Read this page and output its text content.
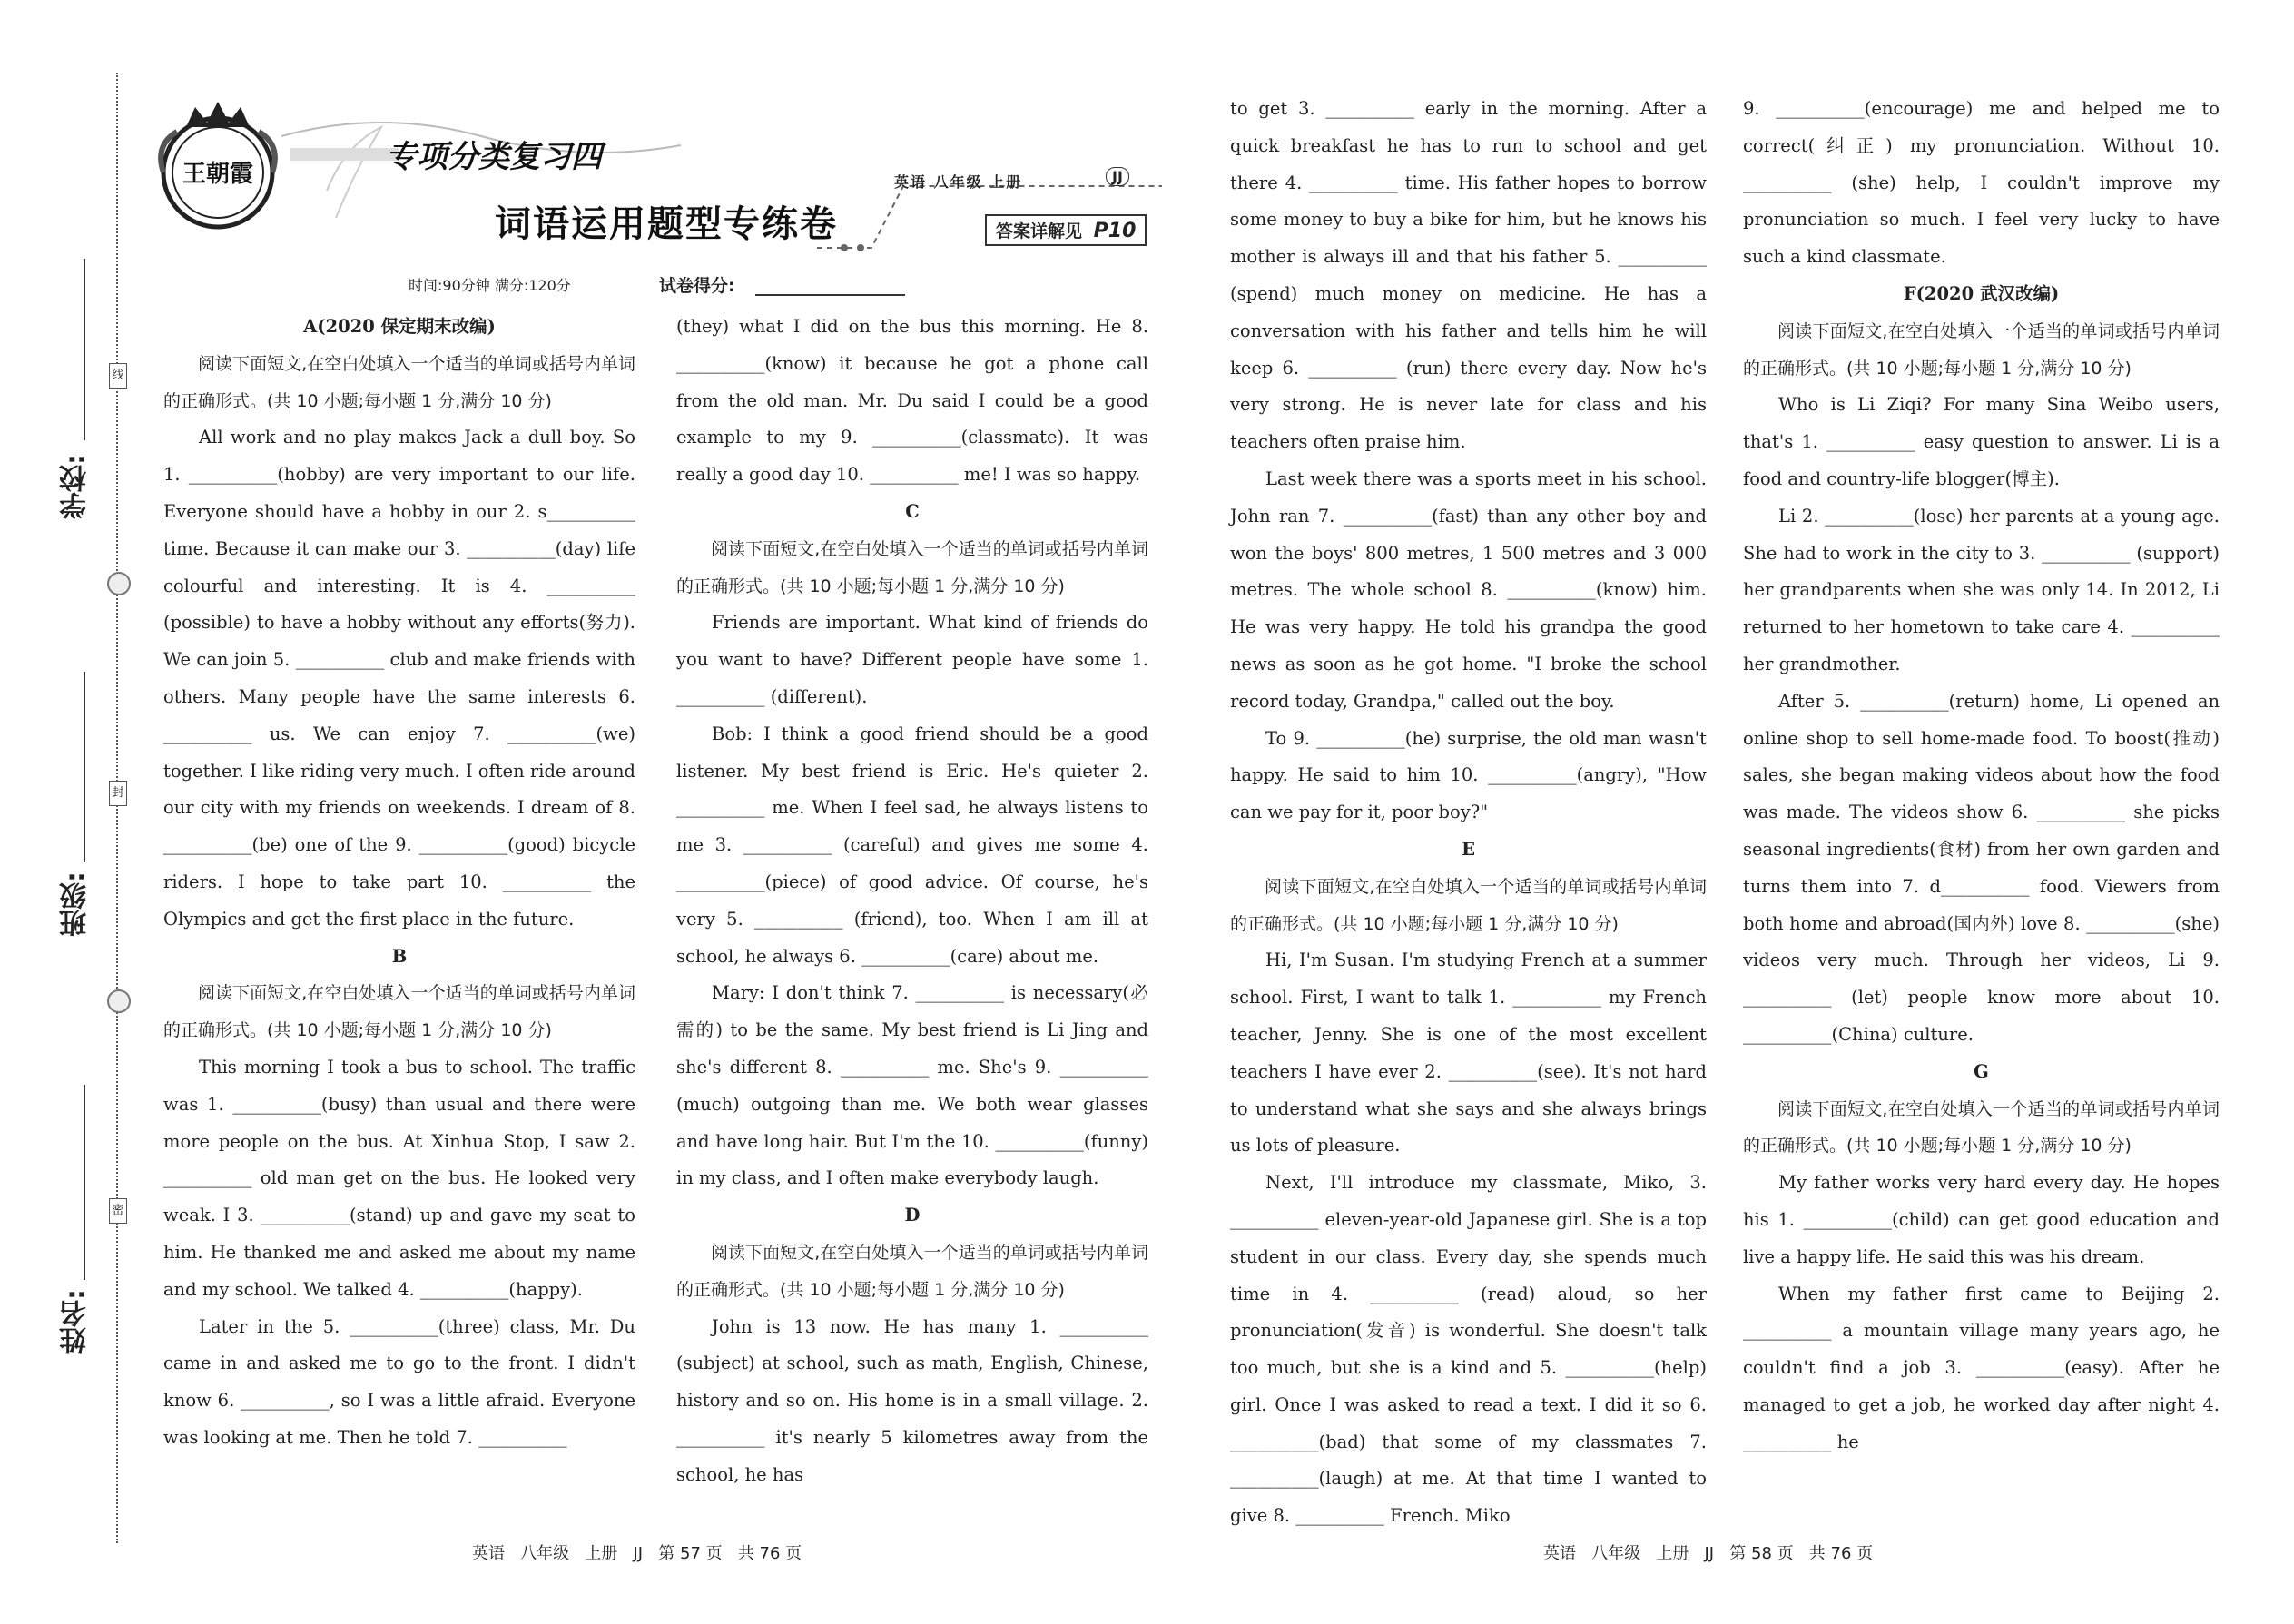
学校:
班级:
姓名:
线
封
密
王朝霞	专项分类复习四
词语运用题型专练卷
英语 八年级 上册	JJ
答案详解见 P10
时间:90分钟 满分:120分	试卷得分:

A(2020 保定期末改编)

阅读下面短文,在空白处填入一个适当的单词或括号内单词的正确形式。(共 10 小题;每小题 1 分,满分 10 分)

All work and no play makes Jack a dull boy. So 1. __________(hobby) are very important to our life. Everyone should have a hobby in our 2. s__________ time. Because it can make our 3. __________(day) life colourful and interesting. It is 4. __________ (possible) to have a hobby without any efforts(努力). We can join 5. __________ club and make friends with others. Many people have the same interests 6. __________ us. We can enjoy 7. __________(we) together. I like riding very much. I often ride around our city with my friends on weekends. I dream of 8. __________(be) one of the 9. __________(good) bicycle riders. I hope to take part 10. __________ the Olympics and get the first place in the future.

B

阅读下面短文,在空白处填入一个适当的单词或括号内单词的正确形式。(共 10 小题;每小题 1 分,满分 10 分)

This morning I took a bus to school. The traffic was 1. __________(busy) than usual and there were more people on the bus. At Xinhua Stop, I saw 2. __________ old man get on the bus. He looked very weak. I 3. __________(stand) up and gave my seat to him. He thanked me and asked me about my name and my school. We talked 4. __________(happy).

Later in the 5. __________(three) class, Mr. Du came in and asked me to go to the front. I didn't know 6. __________, so I was a little afraid. Everyone was looking at me. Then he told 7. __________

(they) what I did on the bus this morning. He 8. __________(know) it because he got a phone call from the old man. Mr. Du said I could be a good example to my 9. __________(classmate). It was really a good day 10. __________ me! I was so happy.

C

阅读下面短文,在空白处填入一个适当的单词或括号内单词的正确形式。(共 10 小题;每小题 1 分,满分 10 分)

Friends are important. What kind of friends do you want to have? Different people have some 1. __________ (different).

Bob: I think a good friend should be a good listener. My best friend is Eric. He's quieter 2. __________ me. When I feel sad, he always listens to me 3. __________ (careful) and gives me some 4. __________(piece) of good advice. Of course, he's very 5. __________ (friend), too. When I am ill at school, he always 6. __________(care) about me.

Mary: I don't think 7. __________ is necessary(必需的) to be the same. My best friend is Li Jing and she's different 8. __________ me. She's 9. __________ (much) outgoing than me. We both wear glasses and have long hair. But I'm the 10. __________(funny) in my class, and I often make everybody laugh.

D

阅读下面短文,在空白处填入一个适当的单词或括号内单词的正确形式。(共 10 小题;每小题 1 分,满分 10 分)

John is 13 now. He has many 1. __________ (subject) at school, such as math, English, Chinese, history and so on. His home is in a small village. 2. __________ it's nearly 5 kilometres away from the school, he has

to get 3. __________ early in the morning. After a quick breakfast he has to run to school and get there 4. __________ time. His father hopes to borrow some money to buy a bike for him, but he knows his mother is always ill and that his father 5. __________ (spend) much money on medicine. He has a conversation with his father and tells him he will keep 6. __________ (run) there every day. Now he's very strong. He is never late for class and his teachers often praise him.

Last week there was a sports meet in his school. John ran 7. __________(fast) than any other boy and won the boys' 800 metres, 1 500 metres and 3 000 metres. The whole school 8. __________(know) him. He was very happy. He told his grandpa the good news as soon as he got home. "I broke the school record today, Grandpa," called out the boy.

To 9. __________(he) surprise, the old man wasn't happy. He said to him 10. __________(angry), "How can we pay for it, poor boy?"

E

阅读下面短文,在空白处填入一个适当的单词或括号内单词的正确形式。(共 10 小题;每小题 1 分,满分 10 分)

Hi, I'm Susan. I'm studying French at a summer school. First, I want to talk 1. __________ my French teacher, Jenny. She is one of the most excellent teachers I have ever 2. __________(see). It's not hard to understand what she says and she always brings us lots of pleasure.

Next, I'll introduce my classmate, Miko, 3. __________ eleven-year-old Japanese girl. She is a top student in our class. Every day, she spends much time in 4. __________ (read) aloud, so her pronunciation(发音) is wonderful. She doesn't talk too much, but she is a kind and 5. __________(help) girl. Once I was asked to read a text. I did it so 6. __________(bad) that some of my classmates 7. __________(laugh) at me. At that time I wanted to give 8. __________ French. Miko

9. __________(encourage) me and helped me to correct(纠正) my pronunciation. Without 10. __________ (she) help, I couldn't improve my pronunciation so much. I feel very lucky to have such a kind classmate.

F(2020 武汉改编)

阅读下面短文,在空白处填入一个适当的单词或括号内单词的正确形式。(共 10 小题;每小题 1 分,满分 10 分)

Who is Li Ziqi? For many Sina Weibo users, that's 1. __________ easy question to answer. Li is a food and country-life blogger(博主).

Li 2. __________(lose) her parents at a young age. She had to work in the city to 3. __________ (support) her grandparents when she was only 14. In 2012, Li returned to her hometown to take care 4. __________ her grandmother.

After 5. __________(return) home, Li opened an online shop to sell home-made food. To boost(推动) sales, she began making videos about how the food was made. The videos show 6. __________ she picks seasonal ingredients(食材) from her own garden and turns them into 7. d__________ food. Viewers from both home and abroad(国内外) love 8. __________(she) videos very much. Through her videos, Li 9. __________ (let) people know more about 10. __________(China) culture.

G

阅读下面短文,在空白处填入一个适当的单词或括号内单词的正确形式。(共 10 小题;每小题 1 分,满分 10 分)

My father works very hard every day. He hopes his 1. __________(child) can get good education and live a happy life. He said this was his dream.

When my father first came to Beijing 2. __________ a mountain village many years ago, he couldn't find a job 3. __________(easy). After he managed to get a job, he worked day after night 4. __________ he

英语   八年级   上册   JJ   第 57 页   共 76 页	英语   八年级   上册   JJ   第 58 页   共 76 页
